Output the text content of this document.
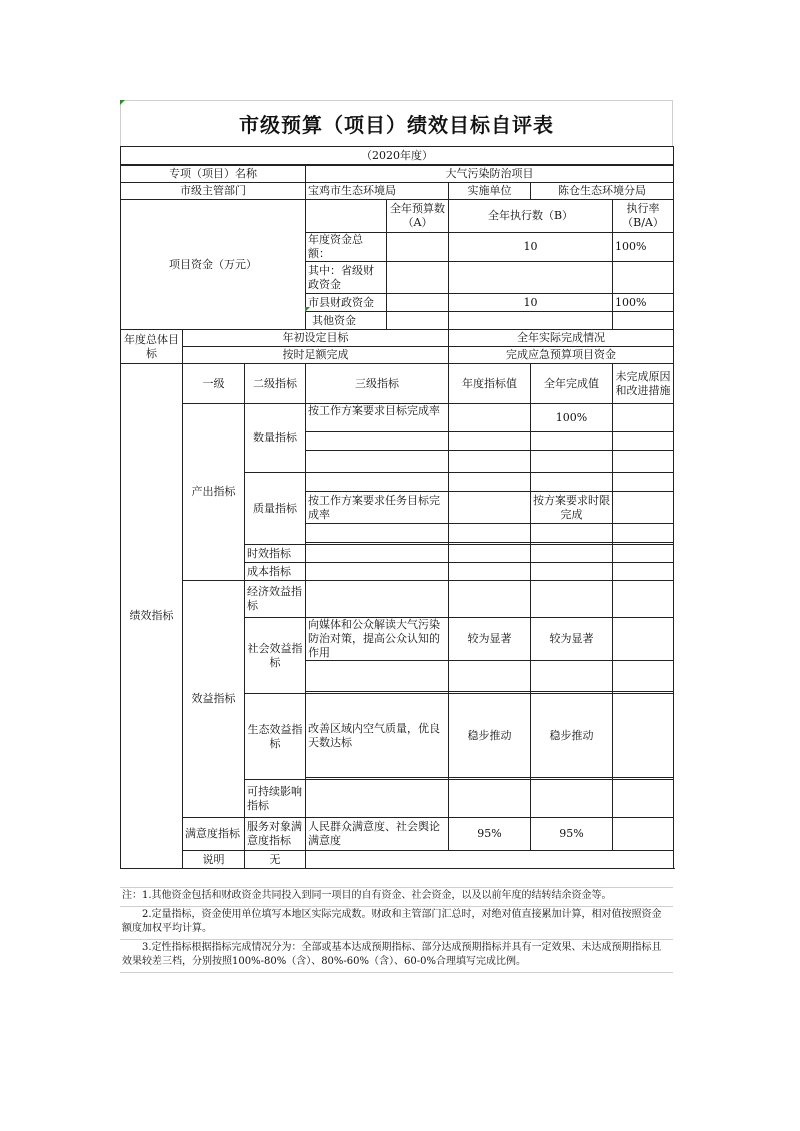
市级预算（项目）绩效目标自评表
（2020年度）
专项（项目）名称			大气污染防治项目				
市级主管部门			宝鸡市生态环境局		实施单位	陈仓生态环境分局	
项目资金（万元）				全年预算数（A）	全年执行数（B）		执行率（B/A）
			年度资金总额：		10		100%
			其中：省级财政资金				
			市县财政资金		10		100%
			其他资金				
年度总体目标	年初设定目标				全年实际完成情况		
	按时足额完成				完成应急预算项目资金		
绩效指标	一级	二级指标	三级指标		年度指标值	全年完成值	未完成原因和改进措施
	产出指标	数量指标	按工作方案要求目标完成率			100%	

		质量指标					
			按工作方案要求任务目标完成率			按方案要求时限完成	

		时效指标					
		成本指标					
	效益指标	经济效益指标					
		社会效益指标	向媒体和公众解读大气污染防治对策，提高公众认知的作用		较为显著	较为显著	

		生态效益指标	改善区域内空气质量，优良天数达标		稳步推动	稳步推动	

		可持续影响指标					
	满意度指标	服务对象满意度指标	人民群众满意度、社会舆论满意度		95%	95%	
	说明	无					
注：1.其他资金包括和财政资金共同投入到同一项目的自有资金、社会资金，以及以前年度的结转结余资金等。
　　2.定量指标，资金使用单位填写本地区实际完成数。财政和主管部门汇总时，对绝对值直接累加计算，相对值按照资金额度加权平均计算。
　　3.定性指标根据指标完成情况分为：全部或基本达成预期指标、部分达成预期指标并具有一定效果、未达成预期指标且效果较差三档，分别按照100%-80%（含）、80%-60%（含）、60-0%合理填写完成比例。
